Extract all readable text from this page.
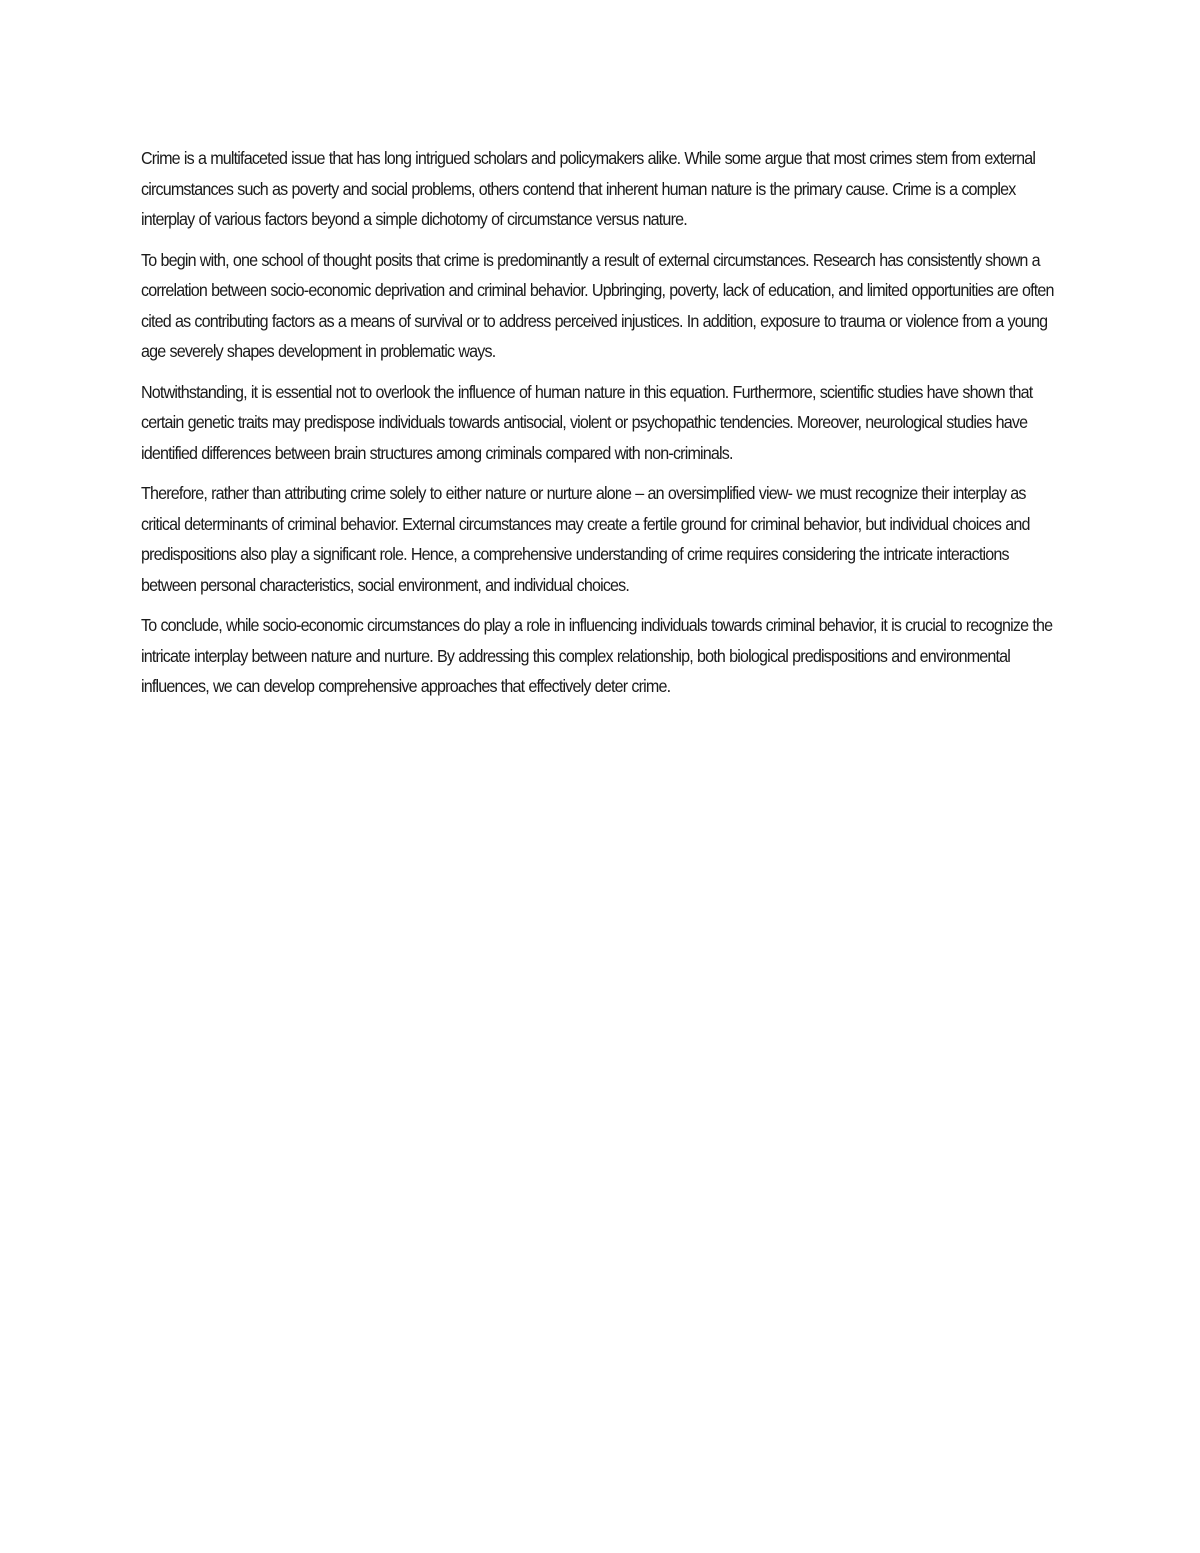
Crime is a multifaceted issue that has long intrigued scholars and policymakers alike. While some argue that most crimes stem from external circumstances such as poverty and social problems, others contend that inherent human nature is the primary cause. Crime is a complex interplay of various factors beyond a simple dichotomy of circumstance versus nature.

To begin with, one school of thought posits that crime is predominantly a result of external circumstances. Research has consistently shown a correlation between socio-economic deprivation and criminal behavior. Upbringing, poverty, lack of education, and limited opportunities are often cited as contributing factors as a means of survival or to address perceived injustices. In addition, exposure to trauma or violence from a young age severely shapes development in problematic ways.

Notwithstanding, it is essential not to overlook the influence of human nature in this equation. Furthermore, scientific studies have shown that certain genetic traits may predispose individuals towards antisocial, violent or psychopathic tendencies. Moreover, neurological studies have identified differences between brain structures among criminals compared with non-criminals.

Therefore, rather than attributing crime solely to either nature or nurture alone – an oversimplified view- we must recognize their interplay as critical determinants of criminal behavior. External circumstances may create a fertile ground for criminal behavior, but individual choices and predispositions also play a significant role. Hence, a comprehensive understanding of crime requires considering the intricate interactions between personal characteristics, social environment, and individual choices.

To conclude, while socio-economic circumstances do play a role in influencing individuals towards criminal behavior, it is crucial to recognize the intricate interplay between nature and nurture. By addressing this complex relationship, both biological predispositions and environmental influences, we can develop comprehensive approaches that effectively deter crime.
